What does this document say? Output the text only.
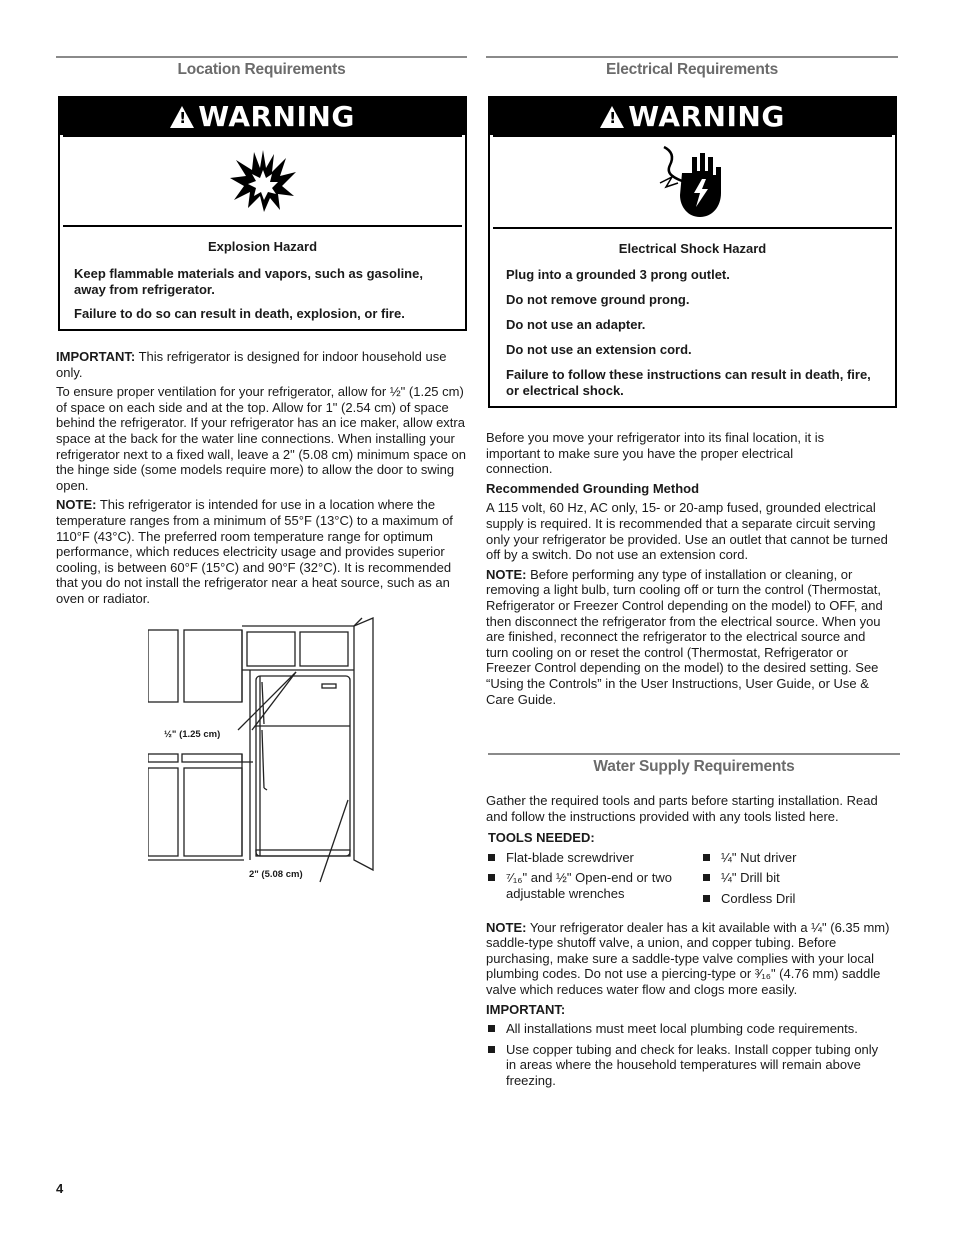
Location Requirements
!
WARNING
Explosion Hazard

Keep flammable materials and vapors, such as gasoline, away from refrigerator.

Failure to do so can result in death, explosion, or fire.

IMPORTANT: This refrigerator is designed for indoor household use only.

To ensure proper ventilation for your refrigerator, allow for ½" (1.25 cm) of space on each side and at the top. Allow for 1" (2.54 cm) of space behind the refrigerator. If your refrigerator has an ice maker, allow extra space at the back for the water line connections. When installing your refrigerator next to a fixed wall, leave a 2" (5.08 cm) minimum space on the hinge side (some models require more) to allow the door to swing open.

NOTE: This refrigerator is intended for use in a location where the temperature ranges from a minimum of 55°F (13°C) to a maximum of 110°F (43°C). The preferred room temperature range for optimum performance, which reduces electricity usage and provides superior cooling, is between 60°F (15°C) and 90°F (32°C). It is recommended that you do not install the refrigerator near a heat source, such as an oven or radiator.

½" (1.25 cm)
2" (5.08 cm)
Electrical Requirements
!
WARNING
Electrical Shock Hazard

Plug into a grounded 3 prong outlet.

Do not remove ground prong.

Do not use an adapter.

Do not use an extension cord.

Failure to follow these instructions can result in death, fire, or electrical shock.

Before you move your refrigerator into its final location, it is important to make sure you have the proper electrical connection.

Recommended Grounding Method

A 115 volt, 60 Hz, AC only, 15- or 20-amp fused, grounded electrical supply is required. It is recommended that a separate circuit serving only your refrigerator be provided. Use an outlet that cannot be turned off by a switch. Do not use an extension cord.

NOTE: Before performing any type of installation or cleaning, or removing a light bulb, turn cooling off or turn the control (Thermostat, Refrigerator or Freezer Control depending on the model) to OFF, and then disconnect the refrigerator from the electrical source. When you are finished, reconnect the refrigerator to the electrical source and turn cooling on or reset the control (Thermostat, Refrigerator or Freezer Control depending on the model) to the desired setting. See “Using the Controls” in the User Instructions, User Guide, or Use & Care Guide.

Water Supply Requirements

Gather the required tools and parts before starting installation. Read and follow the instructions provided with any tools listed here.

TOOLS NEEDED:

Flat-blade screwdriver
⁷⁄₁₆" and ½" Open-end or two adjustable wrenches
¼" Nut driver
¼" Drill bit
Cordless Dril

NOTE: Your refrigerator dealer has a kit available with a ¼" (6.35 mm) saddle-type shutoff valve, a union, and copper tubing. Before purchasing, make sure a saddle-type valve complies with your local plumbing codes. Do not use a piercing-type or ³⁄₁₆" (4.76 mm) saddle valve which reduces water flow and clogs more easily.

IMPORTANT:

All installations must meet local plumbing code requirements.
Use copper tubing and check for leaks. Install copper tubing only in areas where the household temperatures will remain above freezing.
4
